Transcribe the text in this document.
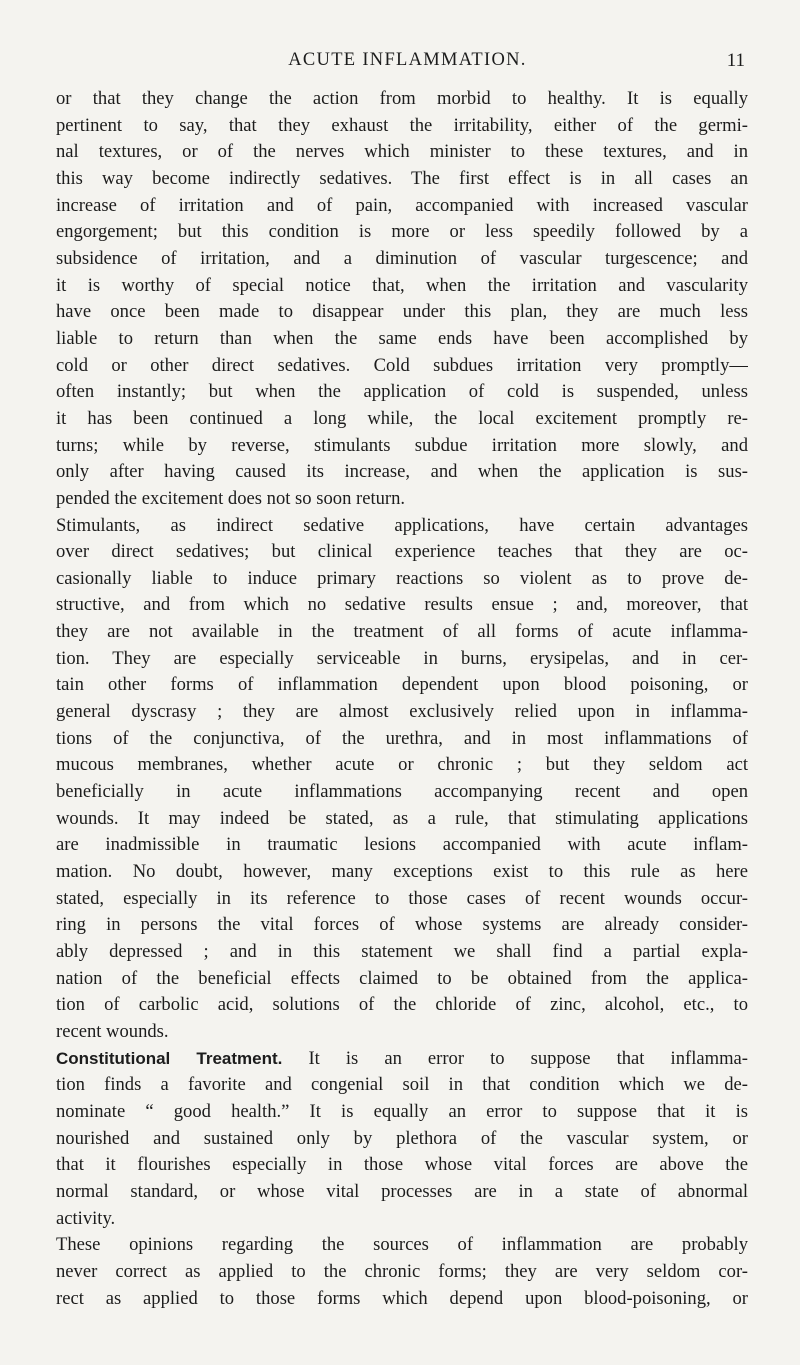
ACUTE INFLAMMATION.	11
or that they change the action from morbid to healthy. It is equally
pertinent to say, that they exhaust the irritability, either of the germi-
nal textures, or of the nerves which minister to these textures, and in
this way become indirectly sedatives. The first effect is in all cases an
increase of irritation and of pain, accompanied with increased vascular
engorgement; but this condition is more or less speedily followed by a
subsidence of irritation, and a diminution of vascular turgescence; and
it is worthy of special notice that, when the irritation and vascularity
have once been made to disappear under this plan, they are much less
liable to return than when the same ends have been accomplished by
cold or other direct sedatives. Cold subdues irritation very promptly—
often instantly; but when the application of cold is suspended, unless
it has been continued a long while, the local excitement promptly re-
turns; while by reverse, stimulants subdue irritation more slowly, and
only after having caused its increase, and when the application is sus-
pended the excitement does not so soon return.
Stimulants, as indirect sedative applications, have certain advantages
over direct sedatives; but clinical experience teaches that they are oc-
casionally liable to induce primary reactions so violent as to prove de-
structive, and from which no sedative results ensue ; and, moreover, that
they are not available in the treatment of all forms of acute inflamma-
tion. They are especially serviceable in burns, erysipelas, and in cer-
tain other forms of inflammation dependent upon blood poisoning, or
general dyscrasy ; they are almost exclusively relied upon in inflamma-
tions of the conjunctiva, of the urethra, and in most inflammations of
mucous membranes, whether acute or chronic ; but they seldom act
beneficially in acute inflammations accompanying recent and open
wounds. It may indeed be stated, as a rule, that stimulating applications
are inadmissible in traumatic lesions accompanied with acute inflam-
mation. No doubt, however, many exceptions exist to this rule as here
stated, especially in its reference to those cases of recent wounds occur-
ring in persons the vital forces of whose systems are already consider-
ably depressed ; and in this statement we shall find a partial expla-
nation of the beneficial effects claimed to be obtained from the applica-
tion of carbolic acid, solutions of the chloride of zinc, alcohol, etc., to
recent wounds.
Constitutional Treatment. It is an error to suppose that inflamma-
tion finds a favorite and congenial soil in that condition which we de-
nominate “ good health.” It is equally an error to suppose that it is
nourished and sustained only by plethora of the vascular system, or
that it flourishes especially in those whose vital forces are above the
normal standard, or whose vital processes are in a state of abnormal
activity.
These opinions regarding the sources of inflammation are probably
never correct as applied to the chronic forms; they are very seldom cor-
rect as applied to those forms which depend upon blood-poisoning, or
